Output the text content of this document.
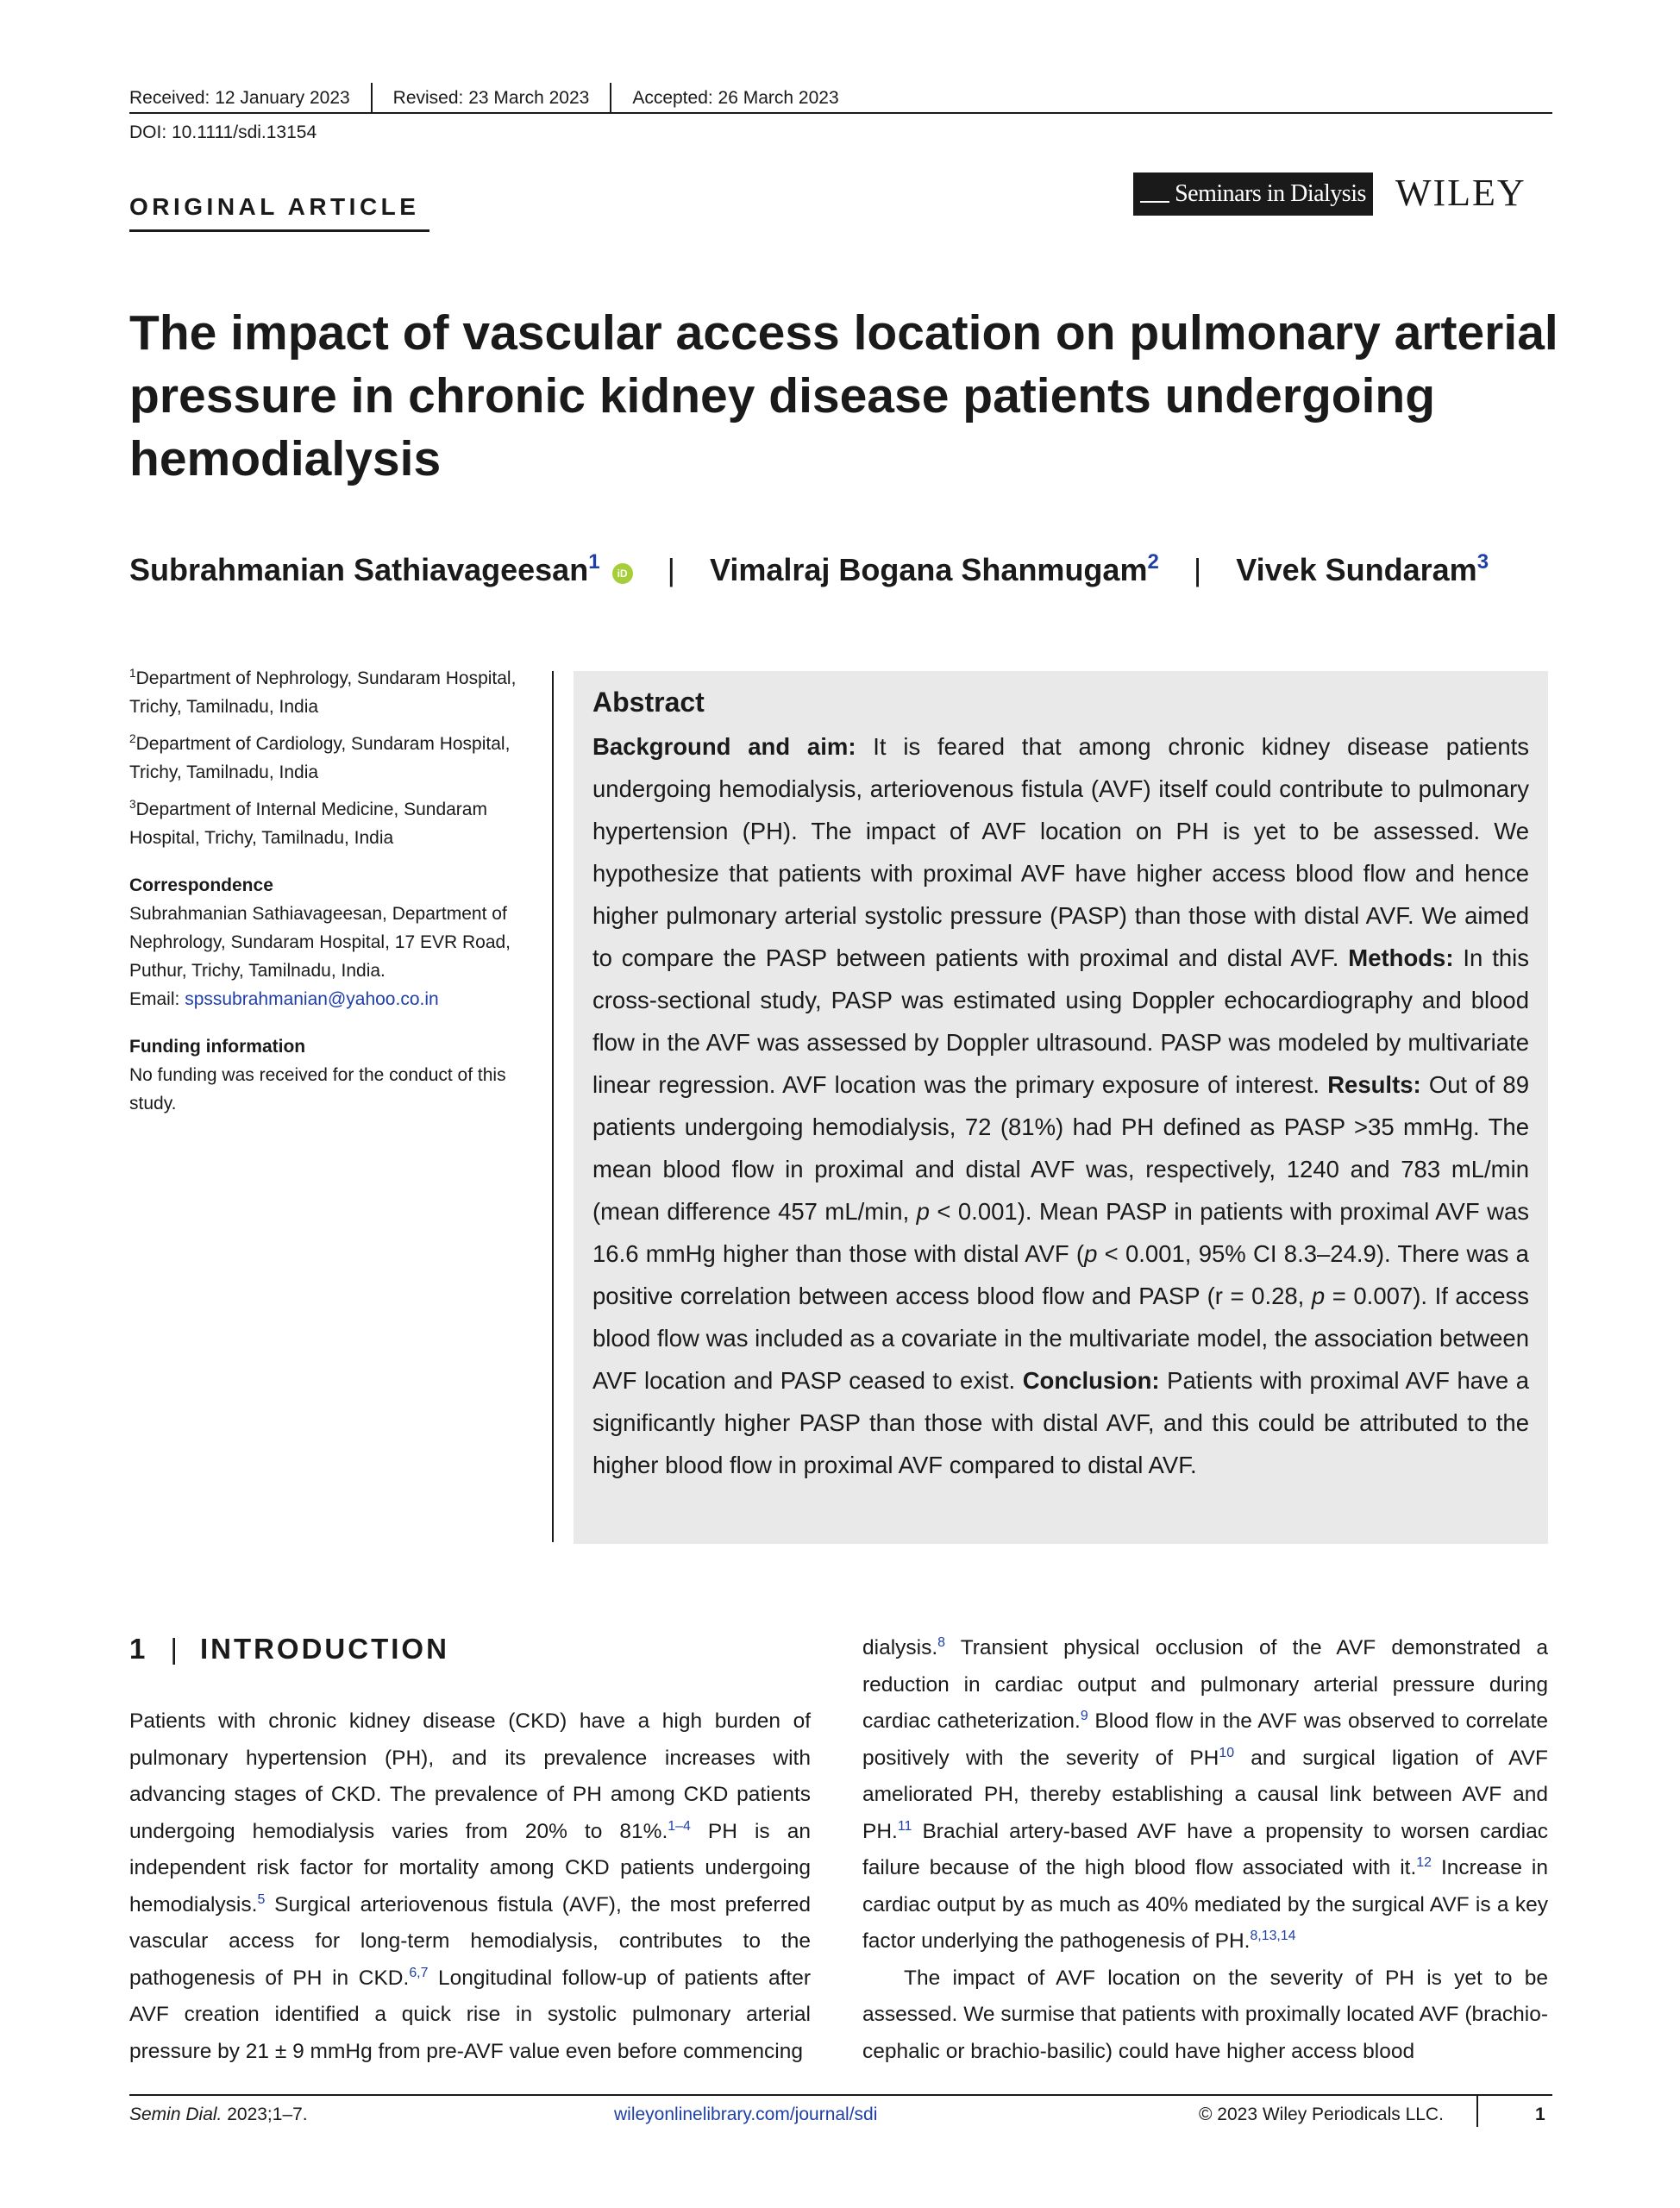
Received: 12 January 2023 Revised: 23 March 2023 Accepted: 26 March 2023
DOI: 10.1111/sdi.13154
ORIGINAL ARTICLE	Seminars in Dialysis WILEY
The impact of vascular access location on pulmonary arterial pressure in chronic kidney disease patients undergoing hemodialysis
Subrahmanian Sathiavageesan$^1$ iD | Vimalraj Bogana Shanmugam$^2$ | Vivek Sundaram$^3$

$^1$Department of Nephrology, Sundaram Hospital, Trichy, Tamilnadu, India

$^2$Department of Cardiology, Sundaram Hospital, Trichy, Tamilnadu, India

$^3$Department of Internal Medicine, Sundaram Hospital, Trichy, Tamilnadu, India

Correspondence

Subrahmanian Sathiavageesan, Department of Nephrology, Sundaram Hospital, 17 EVR Road, Puthur, Trichy, Tamilnadu, India.

Email: spssubrahmanian@yahoo.co.in

Funding information

No funding was received for the conduct of this study.

Abstract
Background and aim: It is feared that among chronic kidney disease patients undergoing hemodialysis, arteriovenous fistula (AVF) itself could contribute to pulmonary hypertension (PH). The impact of AVF location on PH is yet to be assessed. We hypothesize that patients with proximal AVF have higher access blood flow and hence higher pulmonary arterial systolic pressure (PASP) than those with distal AVF. We aimed to compare the PASP between patients with proximal and distal AVF. Methods: In this cross-sectional study, PASP was estimated using Doppler echocardiography and blood flow in the AVF was assessed by Doppler ultrasound. PASP was modeled by multivariate linear regression. AVF location was the primary exposure of interest. Results: Out of 89 patients undergoing hemodialysis, 72 (81%) had PH defined as PASP >35 mmHg. The mean blood flow in proximal and distal AVF was, respectively, 1240 and 783 mL/min (mean difference 457 mL/min, p < 0.001). Mean PASP in patients with proximal AVF was 16.6 mmHg higher than those with distal AVF (p < 0.001, 95% CI 8.3–24.9). There was a positive correlation between access blood flow and PASP (r = 0.28, p = 0.007). If access blood flow was included as a covariate in the multivariate model, the association between AVF location and PASP ceased to exist. Conclusion: Patients with proximal AVF have a significantly higher PASP than those with distal AVF, and this could be attributed to the higher blood flow in proximal AVF compared to distal AVF.
1 | INTRODUCTION

Patients with chronic kidney disease (CKD) have a high burden of pulmonary hypertension (PH), and its prevalence increases with advancing stages of CKD. The prevalence of PH among CKD patients undergoing hemodialysis varies from 20% to 81%.$^{1-4}$ PH is an independent risk factor for mortality among CKD patients undergoing hemodialysis.$^5$ Surgical arteriovenous fistula (AVF), the most preferred vascular access for long-term hemodialysis, contributes to the pathogenesis of PH in CKD.$^{6,7}$ Longitudinal follow-up of patients after AVF creation identified a quick rise in systolic pulmonary arterial pressure by 21 ± 9 mmHg from pre-AVF value even before commencing

dialysis.$^8$ Transient physical occlusion of the AVF demonstrated a reduction in cardiac output and pulmonary arterial pressure during cardiac catheterization.$^9$ Blood flow in the AVF was observed to correlate positively with the severity of PH$^{10}$ and surgical ligation of AVF ameliorated PH, thereby establishing a causal link between AVF and PH.$^{11}$ Brachial artery-based AVF have a propensity to worsen cardiac failure because of the high blood flow associated with it.$^{12}$ Increase in cardiac output by as much as 40% mediated by the surgical AVF is a key factor underlying the pathogenesis of PH.$^{8,13,14}$

The impact of AVF location on the severity of PH is yet to be assessed. We surmise that patients with proximally located AVF (brachio-cephalic or brachio-basilic) could have higher access blood

Semin Dial. 2023;1–7.	wileyonlinelibrary.com/journal/sdi	© 2023 Wiley Periodicals LLC.	1
